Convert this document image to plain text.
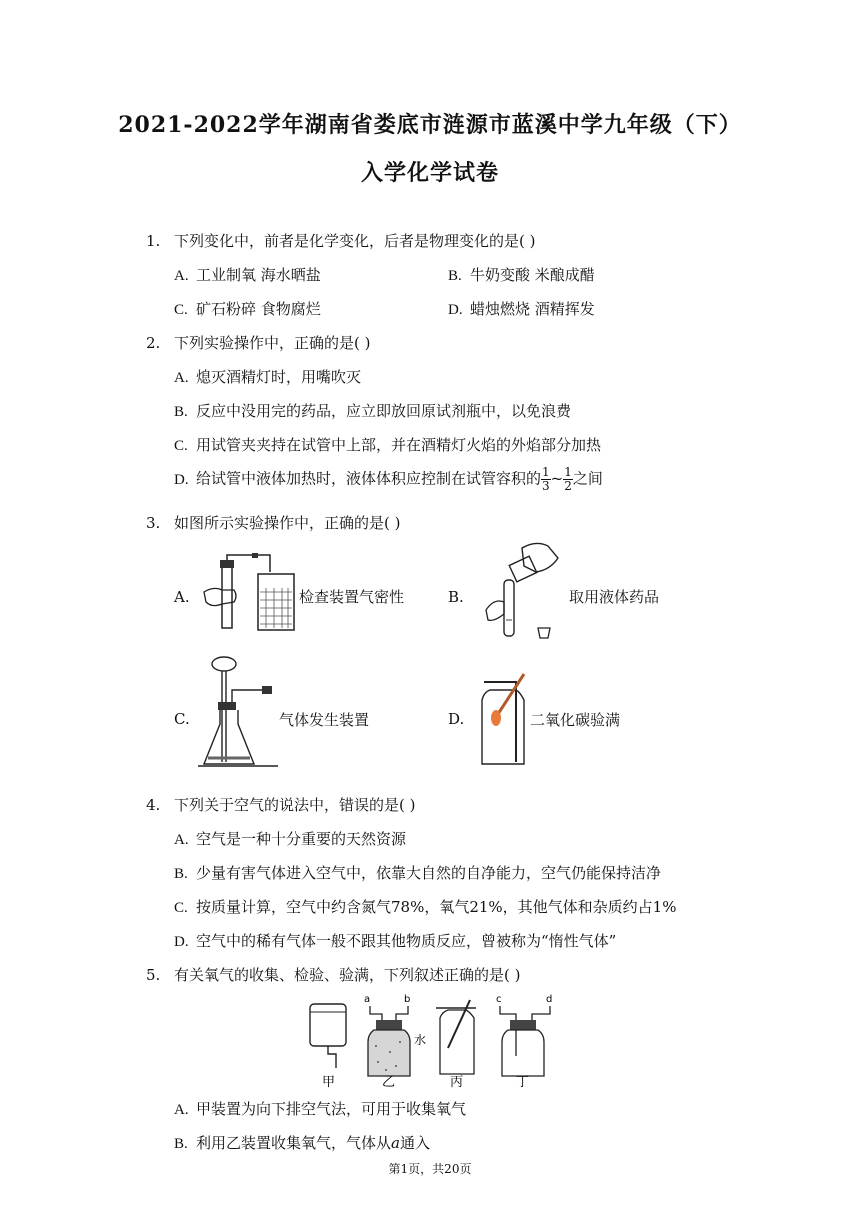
2021-2022学年湖南省娄底市涟源市蓝溪中学九年级（下）
入学化学试卷
1. 下列变化中，前者是化学变化，后者是物理变化的是( )
A. 工业制氧 海水晒盐	B. 牛奶变酸 米酿成醋
C. 矿石粉碎 食物腐烂	D. 蜡烛燃烧 酒精挥发
2. 下列实验操作中，正确的是( )
A. 熄灭酒精灯时，用嘴吹灭
B. 反应中没用完的药品，应立即放回原试剂瓶中，以免浪费
C. 用试管夹夹持在试管中上部，并在酒精灯火焰的外焰部分加热
D. 给试管中液体加热时，液体体积应控制在试管容积的 $\frac{1}{3}$ ~ $\frac{1}{2}$ 之间
3. 如图所示实验操作中，正确的是( )
A.	检查装置气密性	B.	取用液体药品
C.	气体发生装置	D.	二氧化碳验满
4. 下列关于空气的说法中，错误的是( )
A. 空气是一种十分重要的天然资源
B. 少量有害气体进入空气中，依靠大自然的自净能力，空气仍能保持洁净
C. 按质量计算，空气中约含氮气78%，氧气21%，其他气体和杂质约占1%
D. 空气中的稀有气体一般不跟其他物质反应，曾被称为“惰性气体”
5. 有关氧气的收集、检验、验满，下列叙述正确的是( )
甲
a	b
水
乙	丙
c	d
丁
A. 甲装置为向下排空气法，可用于收集氧气
B. 利用乙装置收集氧气，气体从a通入
第1页，共20页
